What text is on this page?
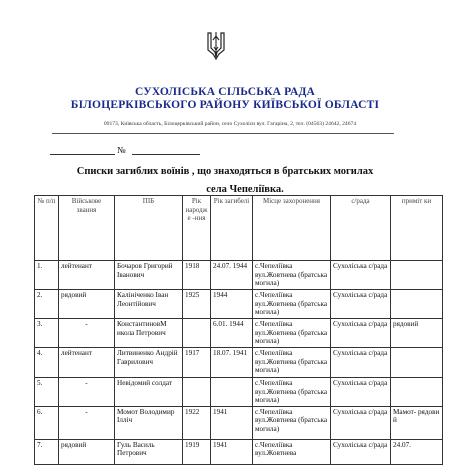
СУХОЛІСЬКА СІЛЬСЬКА РАДА
БІЛОЦЕРКІВСЬКОГО РАЙОНУ КИЇВСЬКОЇ ОБЛАСТІ
09173, Київська область, Білоцерківський район, село Сухоліси вул. Гагаріна, 2, тел. (04563) 24642, 24674
№
Списки загиблих воїнів , що знаходяться в братських могилах
села Чепеліївка.
№ п/п	Військове звання	ПІБ	Рік народж е -ння	Рік загибелі	Місце захоронення	с/рада	приміт ки
1.	лейтенант	Бочаров Григорий Іванович	1918	24.07. 1944	с.Чепеліївка вул.Жовтнева (братська могила)	Сухоліська с/рада	
2.	рядовий	Калініченко Іван Леонтійович	1925	1944	с.Чепеліївка вул.Жовтнева (братська могила)	Сухоліська с/рада	
3.	-	КонстантиновМ икола Петрович		6.01. 1944	с.Чепеліївка вул.Жовтнева (братська могила)	Сухоліська с/рада	рядовий
4.	лейтенант	Литвиненко Андрій Гаврилович	1917	18.07. 1941	с.Чепеліївка вул.Жовтнева (братська могила)	Сухоліська с/рада	
5.	-	Невідомий солдат			с.Чепеліївка вул.Жовтнева (братська могила)	Сухоліська с/рада	
6.	-	Момот Володимир Ілліч	1922	1941	с.Чепеліївка вул.Жовтнева (братська могила)	Сухоліська с/рада	Мамот- рядови й
7.	рядовий	Гуль Василь Петрович	1919	1941	с.Чепеліївка вул.Жовтнева	Сухоліська с/рада	24.07.
